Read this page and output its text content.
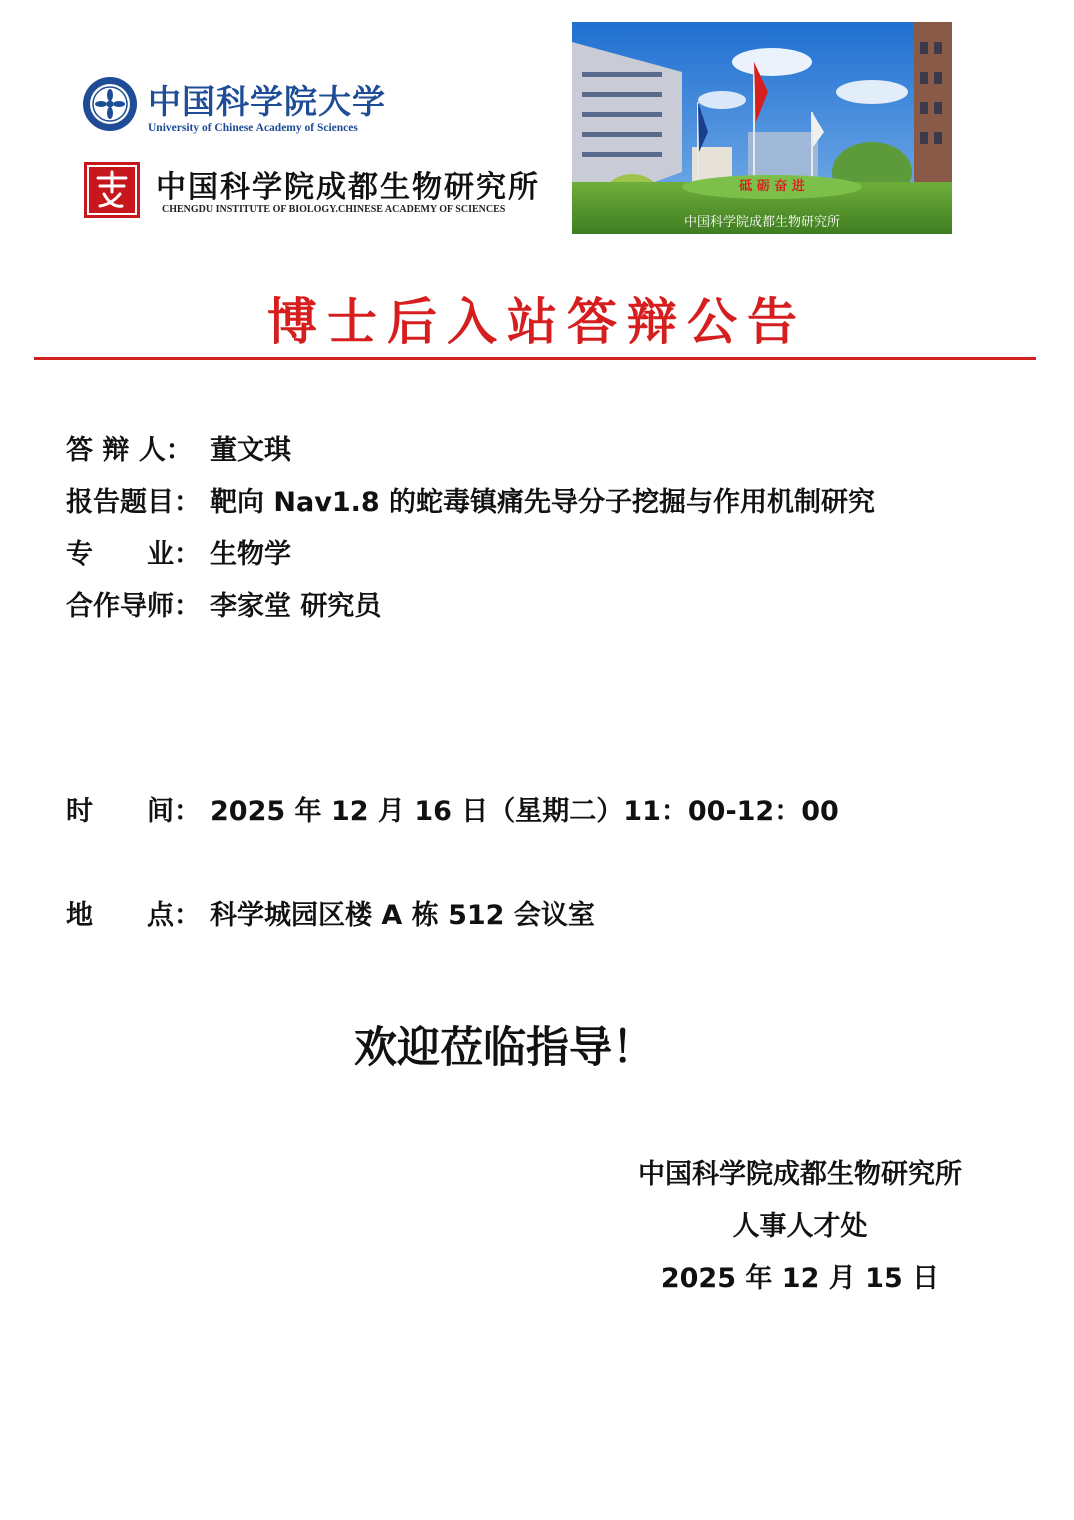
中国科学院大学
University of Chinese Academy of Sciences
中国科学院成都生物研究所
CHENGDU INSTITUTE OF BIOLOGY.CHINESE ACADEMY OF SCIENCES
砥 砺 奋 进
中国科学院成都生物研究所
博士后入站答辩公告
答 辩 人： 董文琪
报告题目： 靶向 Nav1.8 的蛇毒镇痛先导分子挖掘与作用机制研究
专　　业： 生物学
合作导师： 李家堂 研究员
时　　间： 2025 年 12 月 16 日（星期二）11：00-12：00
地　　点： 科学城园区楼 A 栋 512 会议室
欢迎莅临指导！
中国科学院成都生物研究所
人事人才处
2025 年 12 月 15 日
